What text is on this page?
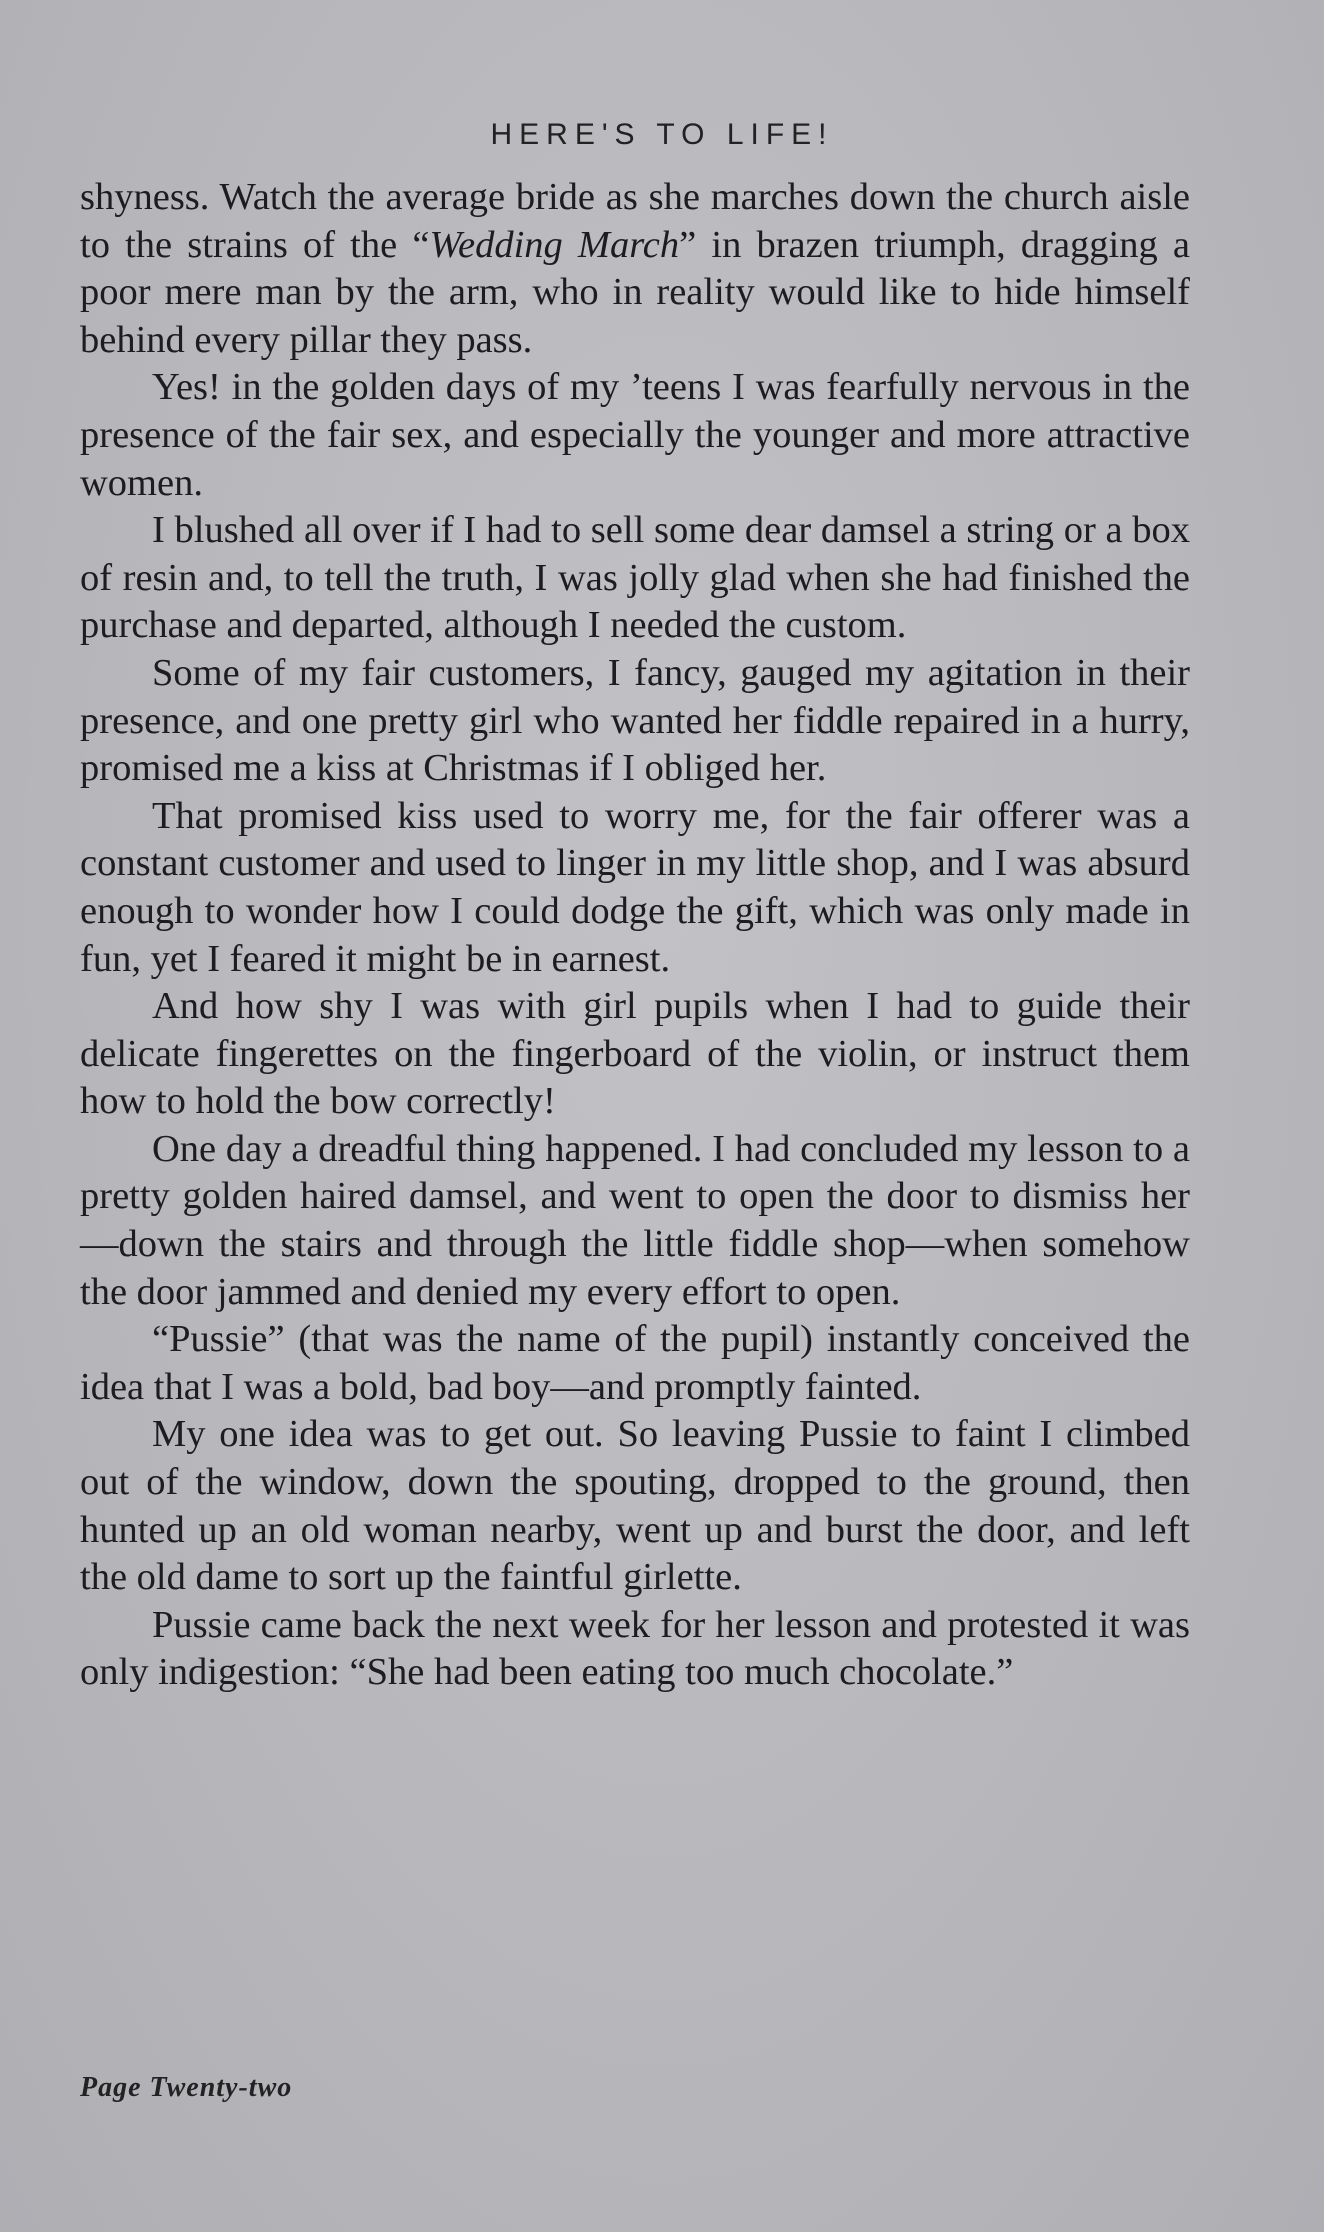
HERE'S TO LIFE!

shyness. Watch the average bride as she marches down the church aisle to the strains of the “Wedding March” in brazen triumph, dragging a poor mere man by the arm, who in reality would like to hide himself behind every pillar they pass.

Yes! in the golden days of my ’teens I was fearfully nervous in the presence of the fair sex, and especially the younger and more attractive women.

I blushed all over if I had to sell some dear damsel a string or a box of resin and, to tell the truth, I was jolly glad when she had finished the purchase and departed, although I needed the custom.

Some of my fair customers, I fancy, gauged my agitation in their presence, and one pretty girl who wanted her fiddle repaired in a hurry, promised me a kiss at Christmas if I obliged her.

That promised kiss used to worry me, for the fair offerer was a constant customer and used to linger in my little shop, and I was absurd enough to wonder how I could dodge the gift, which was only made in fun, yet I feared it might be in earnest.

And how shy I was with girl pupils when I had to guide their delicate fingerettes on the fingerboard of the violin, or instruct them how to hold the bow correctly!

One day a dreadful thing happened. I had concluded my lesson to a pretty golden haired damsel, and went to open the door to dismiss her—down the stairs and through the little fiddle shop—when somehow the door jammed and denied my every effort to open.

“Pussie” (that was the name of the pupil) instantly conceived the idea that I was a bold, bad boy—and promptly fainted.

My one idea was to get out. So leaving Pussie to faint I climbed out of the window, down the spouting, dropped to the ground, then hunted up an old woman nearby, went up and burst the door, and left the old dame to sort up the faintful girlette.

Pussie came back the next week for her lesson and protested it was only indigestion: “She had been eating too much chocolate.”

Page Twenty-two
